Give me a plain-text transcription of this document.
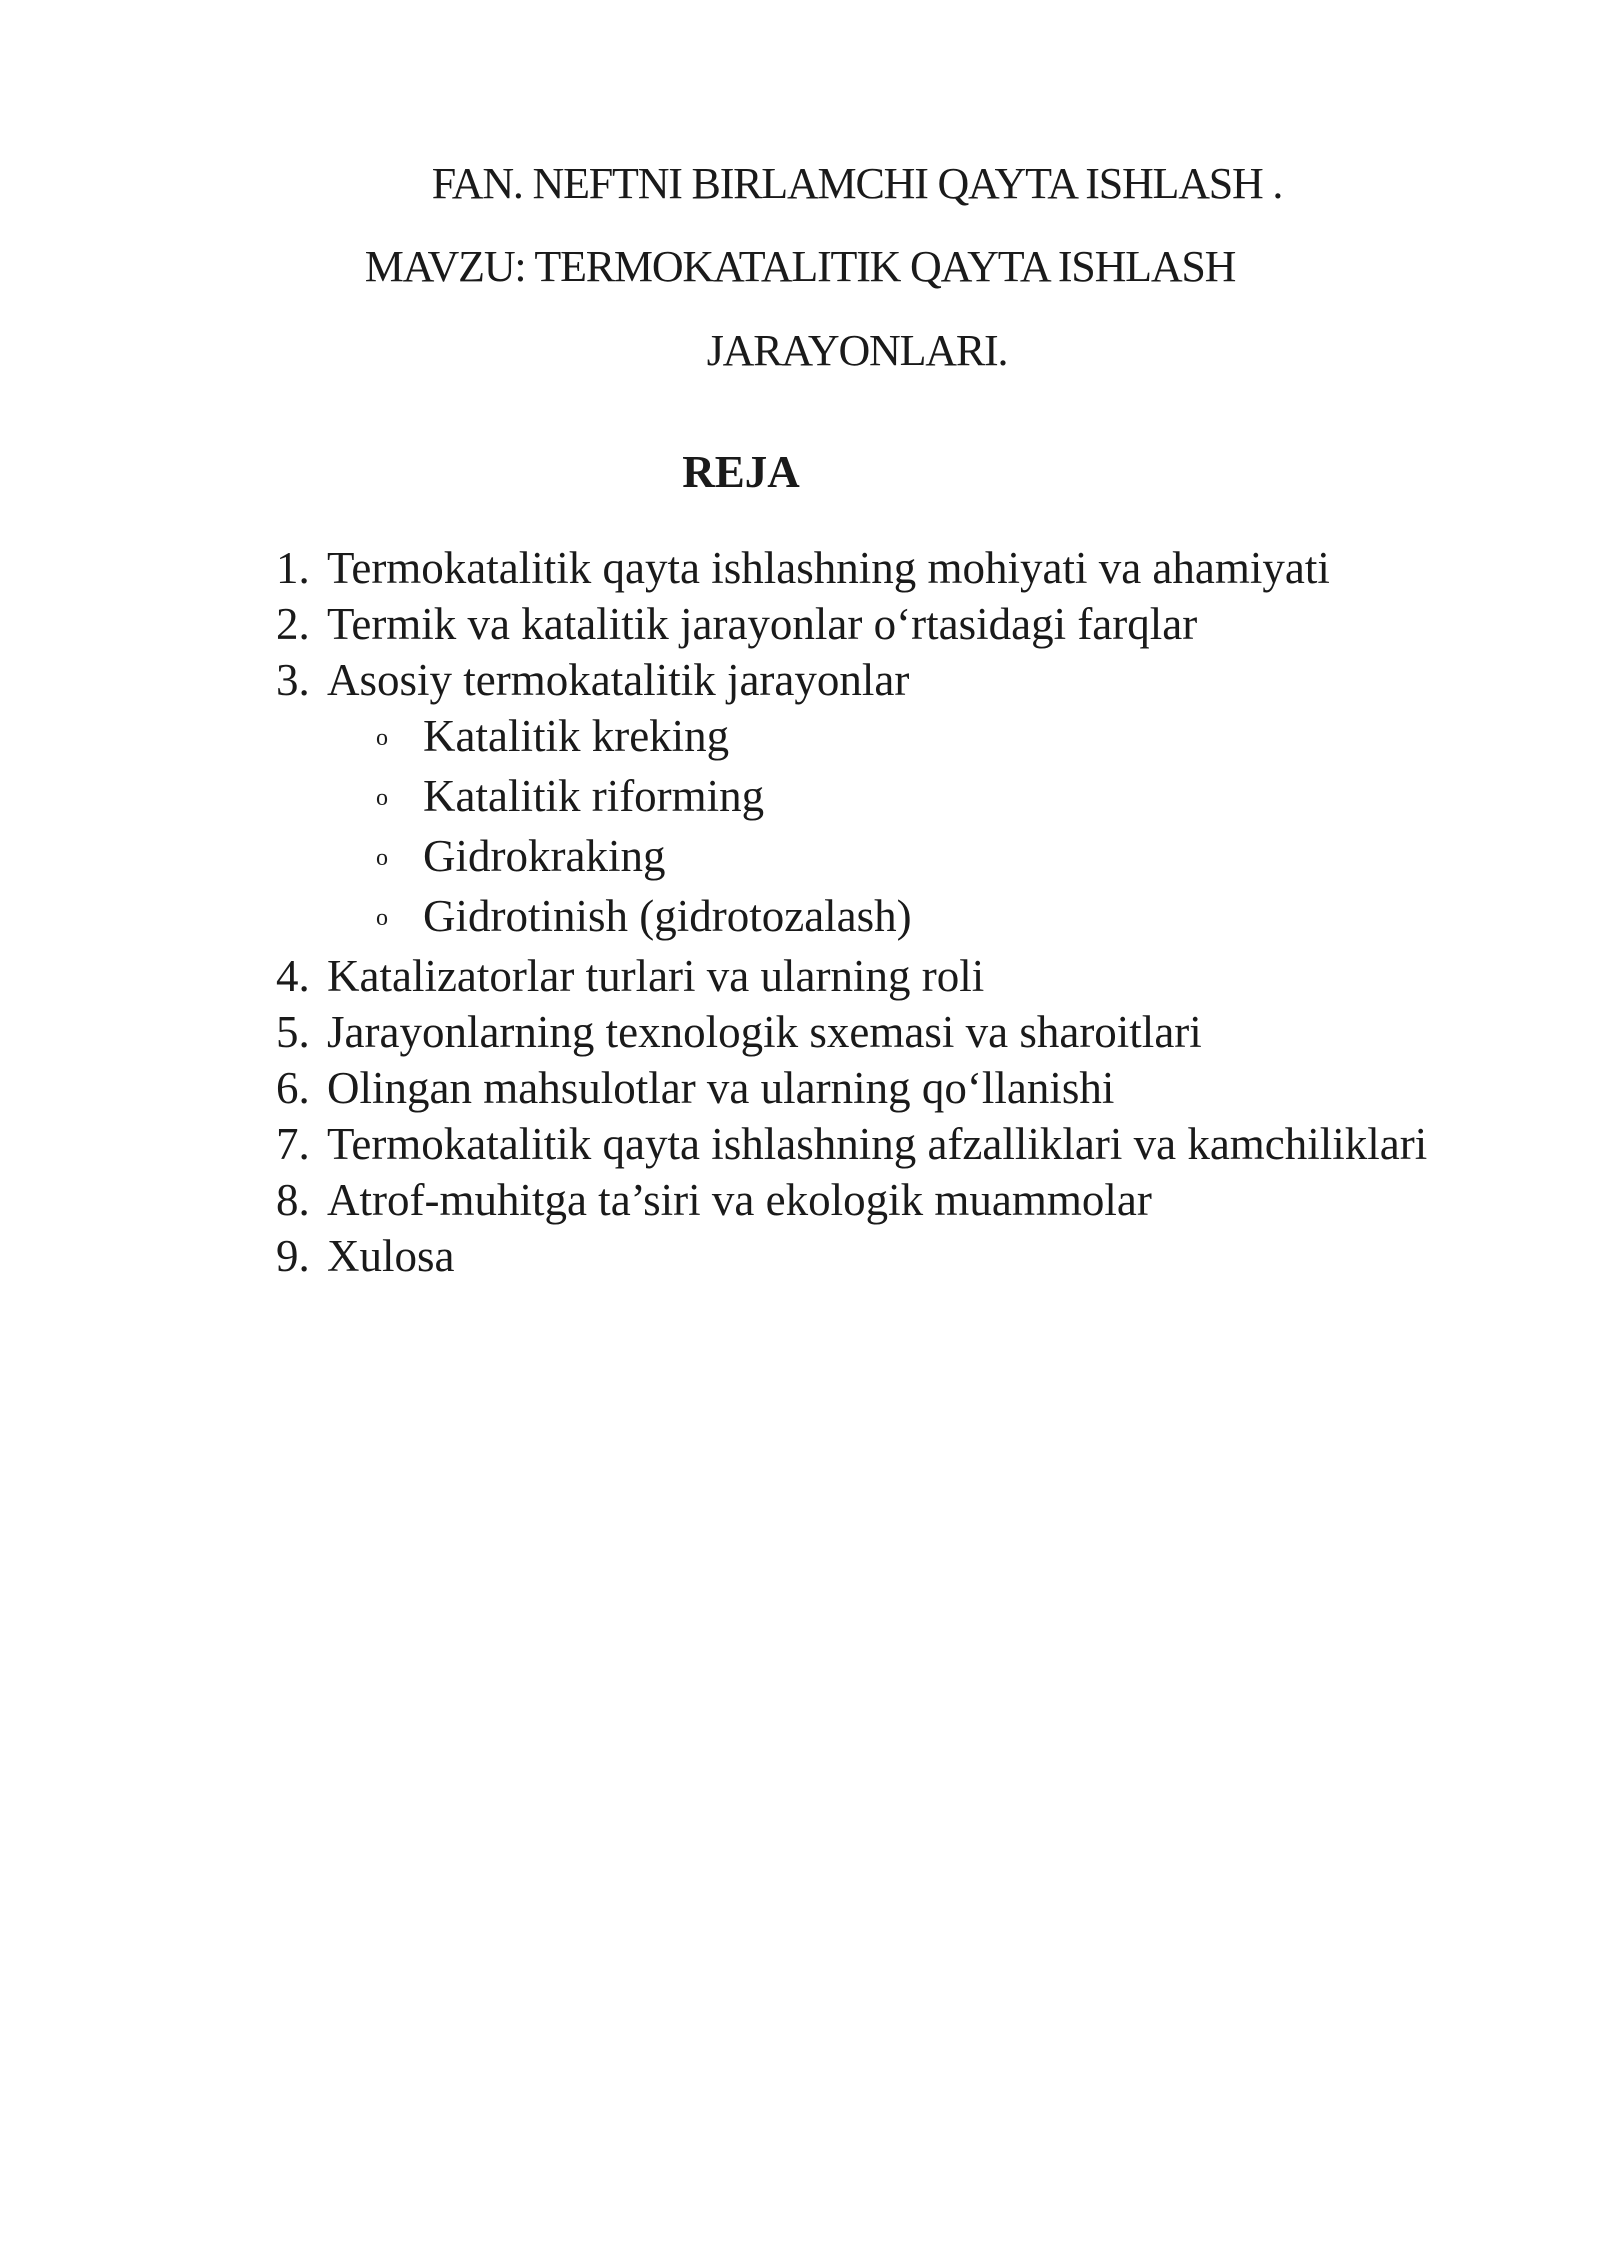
FAN. NEFTNI BIRLAMCHI QAYTA ISHLASH .
MAVZU: TERMOKATALITIK QAYTA ISHLASH
JARAYONLARI.
REJA
1. Termokatalitik qayta ishlashning mohiyati va ahamiyati
2. Termik va katalitik jarayonlar o‘rtasidagi farqlar
3. Asosiy termokatalitik jarayonlar
o Katalitik kreking
o Katalitik riforming
o Gidrokraking
o Gidrotinish (gidrotozalash)
4. Katalizatorlar turlari va ularning roli
5. Jarayonlarning texnologik sxemasi va sharoitlari
6. Olingan mahsulotlar va ularning qo‘llanishi
7. Termokatalitik qayta ishlashning afzalliklari va kamchiliklari
8. Atrof-muhitga ta’siri va ekologik muammolar
9. Xulosa
